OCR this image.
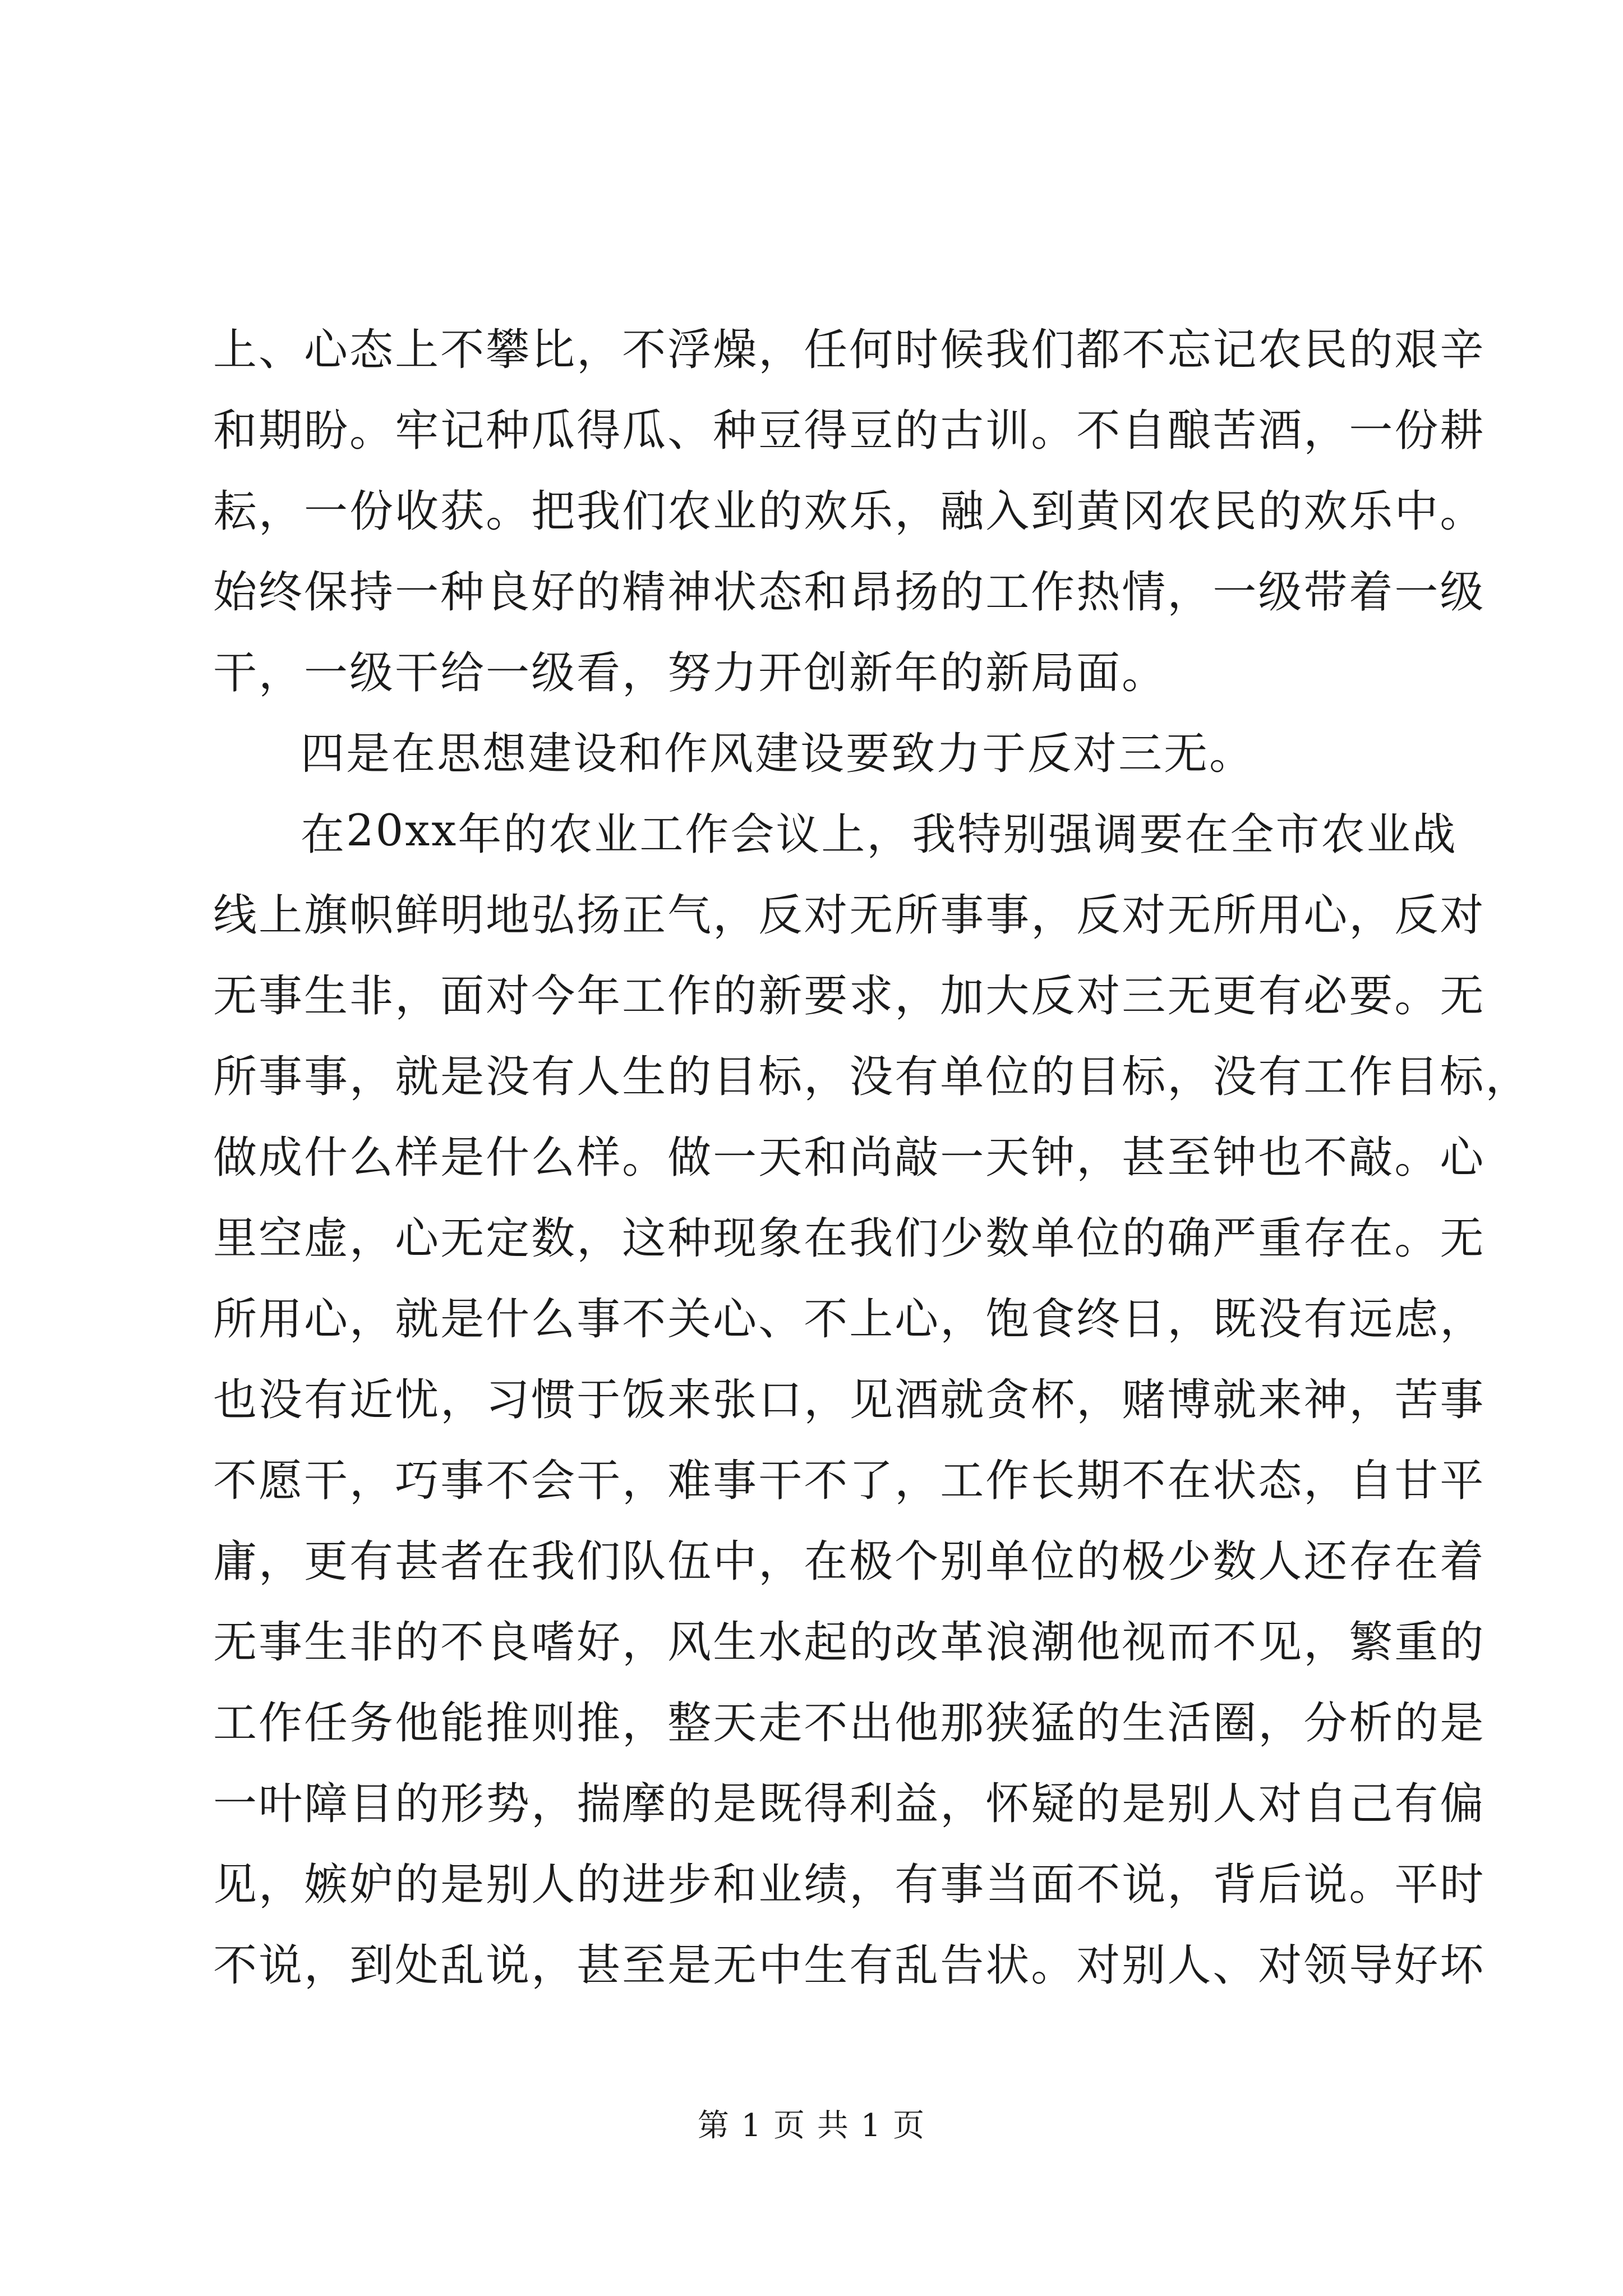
上 、 心 态 上 不 攀 比 ， 不 浮 燥 ， 任 何 时 候 我 们 都 不 忘 记 农 民 的 艰 辛
和 期 盼 。 牢 记 种 瓜 得 瓜 、 种 豆 得 豆 的 古 训 。 不 自 酿 苦 酒 ， 一 份 耕
耘 ， 一 份 收 获 。 把 我 们 农 业 的 欢 乐 ， 融 入 到 黄 冈 农 民 的 欢 乐 中 。
始 终 保 持 一 种 良 好 的 精 神 状 态 和 昂 扬 的 工 作 热 情 ， 一 级 带 着 一 级
干，一级干给一级看，努力开创新年的新局面。
四是在思想建设和作风建设要致力于反对三无。
在 20xx 年 的 农 业 工 作 会 议 上 ， 我 特 别 强 调 要 在 全 市 农 业 战
线 上 旗 帜 鲜 明 地 弘 扬 正 气 ， 反 对 无 所 事 事 ， 反 对 无 所 用 心 ， 反 对
无 事 生 非 ， 面 对 今 年 工 作 的 新 要 求 ， 加 大 反 对 三 无 更 有 必 要 。 无
所 事 事 ， 就 是 没 有 人 生 的 目 标 ， 没 有 单 位 的 目 标 ， 没 有 工 作 目 标 ，
做 成 什 么 样 是 什 么 样 。 做 一 天 和 尚 敲 一 天 钟 ， 甚 至 钟 也 不 敲 。 心
里 空 虚 ， 心 无 定 数 ， 这 种 现 象 在 我 们 少 数 单 位 的 确 严 重 存 在 。 无
所 用 心 ， 就 是 什 么 事 不 关 心 、 不 上 心 ， 饱 食 终 日 ， 既 没 有 远 虑 ，
也 没 有 近 忧 ， 习 惯 于 饭 来 张 口 ， 见 酒 就 贪 杯 ， 赌 博 就 来 神 ， 苦 事
不 愿 干 ， 巧 事 不 会 干 ， 难 事 干 不 了 ， 工 作 长 期 不 在 状 态 ， 自 甘 平
庸 ， 更 有 甚 者 在 我 们 队 伍 中 ， 在 极 个 别 单 位 的 极 少 数 人 还 存 在 着
无 事 生 非 的 不 良 嗜 好 ， 风 生 水 起 的 改 革 浪 潮 他 视 而 不 见 ， 繁 重 的
工 作 任 务 他 能 推 则 推 ， 整 天 走 不 出 他 那 狭 猛 的 生 活 圈 ， 分 析 的 是
一 叶 障 目 的 形 势 ， 揣 摩 的 是 既 得 利 益 ， 怀 疑 的 是 别 人 对 自 己 有 偏
见 ， 嫉 妒 的 是 别 人 的 进 步 和 业 绩 ， 有 事 当 面 不 说 ， 背 后 说 。 平 时
不 说 ， 到 处 乱 说 ， 甚 至 是 无 中 生 有 乱 告 状 。 对 别 人 、 对 领 导 好 坏
第 1 页 共 1 页
